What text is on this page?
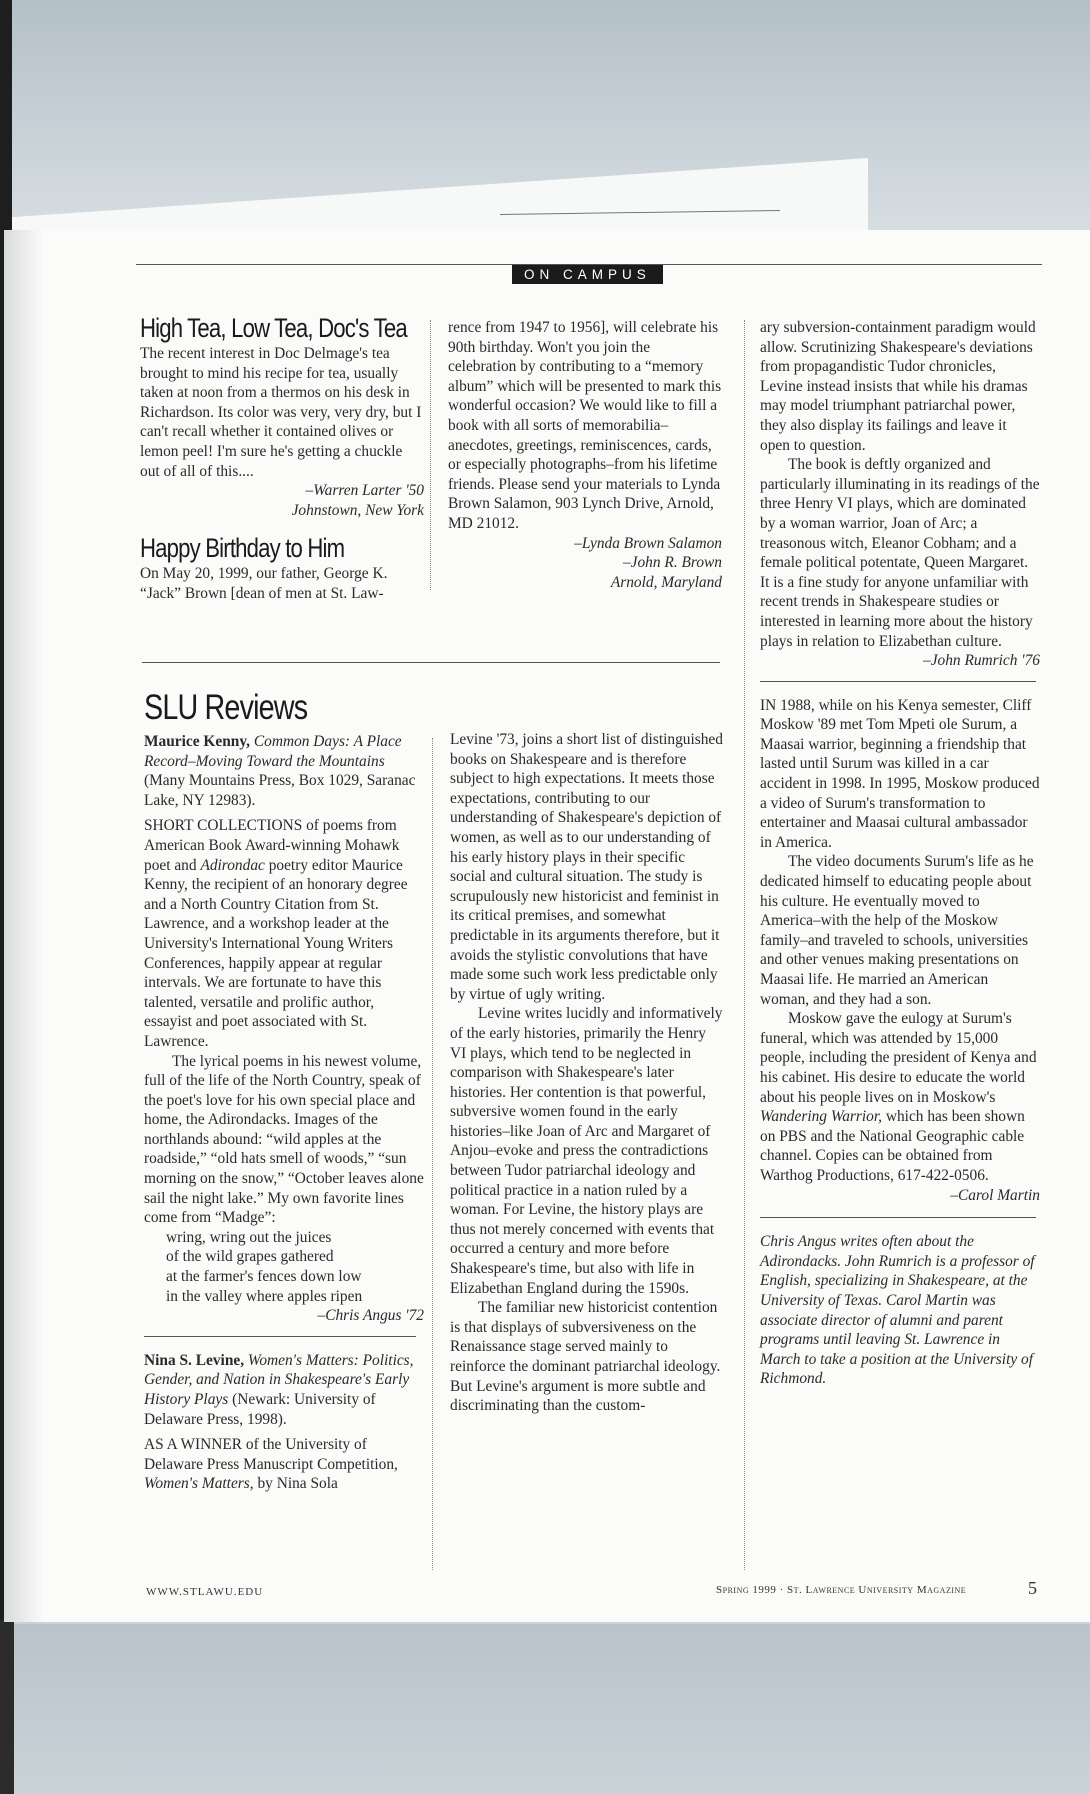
ON CAMPUS
High Tea, Low Tea, Doc's Tea

The recent interest in Doc Delmage's tea brought to mind his recipe for tea, usually taken at noon from a thermos on his desk in Richardson. Its color was very, very dry, but I can't recall whether it contained olives or lemon peel! I'm sure he's getting a chuckle out of all of this....

–Warren Larter '50

Johnstown, New York

Happy Birthday to Him

On May 20, 1999, our father, George K. “Jack” Brown [dean of men at St. Law-

rence from 1947 to 1956], will celebrate his 90th birthday. Won't you join the celebration by contributing to a “memory album” which will be presented to mark this wonderful occasion? We would like to fill a book with all sorts of memorabilia–anecdotes, greetings, reminiscences, cards, or especially photographs–from his lifetime friends. Please send your materials to Lynda Brown Salamon, 903 Lynch Drive, Arnold, MD 21012.

–Lynda Brown Salamon

–John R. Brown

Arnold, Maryland

SLU Reviews

Maurice Kenny, Common Days: A Place Record–Moving Toward the Mountains (Many Mountains Press, Box 1029, Saranac Lake, NY 12983).

SHORT COLLECTIONS of poems from American Book Award-winning Mohawk poet and Adirondac poetry editor Maurice Kenny, the recipient of an honorary degree and a North Country Citation from St. Lawrence, and a workshop leader at the University's International Young Writers Conferences, happily appear at regular intervals. We are fortunate to have this talented, versatile and prolific author, essayist and poet associated with St. Lawrence.

The lyrical poems in his newest volume, full of the life of the North Country, speak of the poet's love for his own special place and home, the Adirondacks. Images of the northlands abound: “wild apples at the roadside,” “old hats smell of woods,” “sun morning on the snow,” “October leaves alone sail the night lake.” My own favorite lines come from “Madge”:

wring, wring out the juices
of the wild grapes gathered
at the farmer's fences down low
in the valley where apples ripen

–Chris Angus '72

Nina S. Levine, Women's Matters: Politics, Gender, and Nation in Shakespeare's Early History Plays (Newark: University of Delaware Press, 1998).

AS A WINNER of the University of Delaware Press Manuscript Competition, Women's Matters, by Nina Sola

Levine '73, joins a short list of distinguished books on Shakespeare and is therefore subject to high expectations. It meets those expectations, contributing to our understanding of Shakespeare's depiction of women, as well as to our understanding of his early history plays in their specific social and cultural situation. The study is scrupulously new historicist and feminist in its critical premises, and somewhat predictable in its arguments therefore, but it avoids the stylistic convolutions that have made some such work less predictable only by virtue of ugly writing.

Levine writes lucidly and informatively of the early histories, primarily the Henry VI plays, which tend to be neglected in comparison with Shakespeare's later histories. Her contention is that powerful, subversive women found in the early histories–like Joan of Arc and Margaret of Anjou–evoke and press the contradictions between Tudor patriarchal ideology and political practice in a nation ruled by a woman. For Levine, the history plays are thus not merely concerned with events that occurred a century and more before Shakespeare's time, but also with life in Elizabethan England during the 1590s.

The familiar new historicist contention is that displays of subversiveness on the Renaissance stage served mainly to reinforce the dominant patriarchal ideology. But Levine's argument is more subtle and discriminating than the custom-

ary subversion-containment paradigm would allow. Scrutinizing Shakespeare's deviations from propagandistic Tudor chronicles, Levine instead insists that while his dramas may model triumphant patriarchal power, they also display its failings and leave it open to question.

The book is deftly organized and particularly illuminating in its readings of the three Henry VI plays, which are dominated by a woman warrior, Joan of Arc; a treasonous witch, Eleanor Cobham; and a female political potentate, Queen Margaret. It is a fine study for anyone unfamiliar with recent trends in Shakespeare studies or interested in learning more about the history plays in relation to Elizabethan culture.

–John Rumrich '76

IN 1988, while on his Kenya semester, Cliff Moskow '89 met Tom Mpeti ole Surum, a Maasai warrior, beginning a friendship that lasted until Surum was killed in a car accident in 1998. In 1995, Moskow produced a video of Surum's transformation to entertainer and Maasai cultural ambassador in America.

The video documents Surum's life as he dedicated himself to educating people about his culture. He eventually moved to America–with the help of the Moskow family–and traveled to schools, universities and other venues making presentations on Maasai life. He married an American woman, and they had a son.

Moskow gave the eulogy at Surum's funeral, which was attended by 15,000 people, including the president of Kenya and his cabinet. His desire to educate the world about his people lives on in Moskow's Wandering Warrior, which has been shown on PBS and the National Geographic cable channel. Copies can be obtained from Warthog Productions, 617-422-0506.

–Carol Martin

Chris Angus writes often about the Adirondacks. John Rumrich is a professor of English, specializing in Shakespeare, at the University of Texas. Carol Martin was associate director of alumni and parent programs until leaving St. Lawrence in March to take a position at the University of Richmond.

WWW.STLAWU.EDU	Spring 1999 · St. Lawrence University Magazine	5
